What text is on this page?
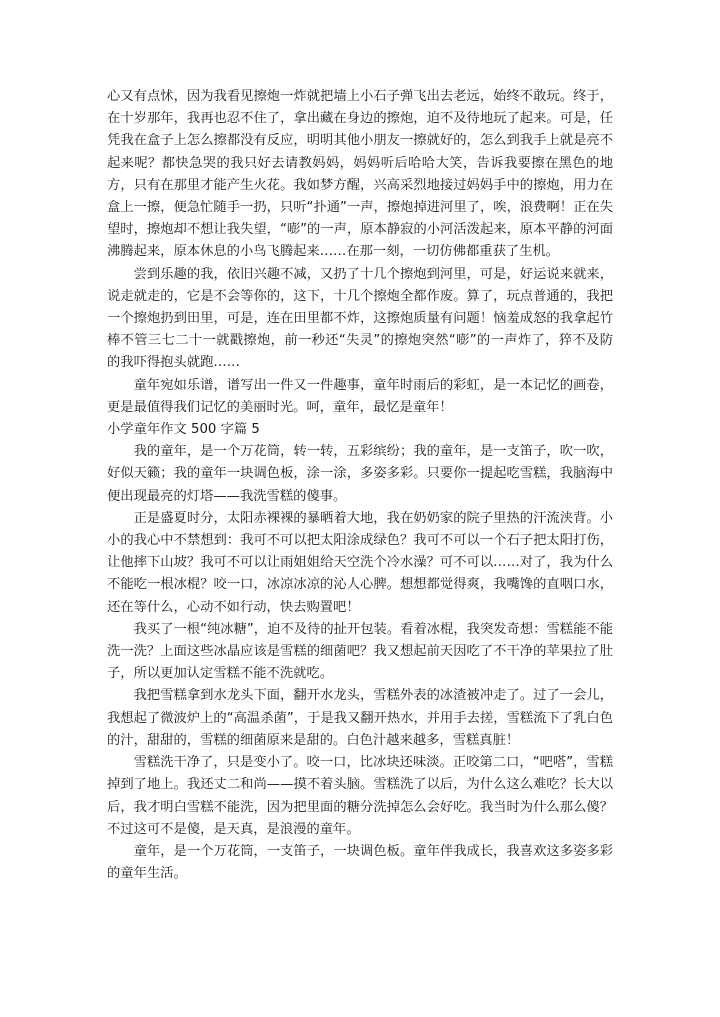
心又有点怵，因为我看见擦炮一炸就把墙上小石子弹飞出去老远，始终不敢玩。终于，在十岁那年，我再也忍不住了，拿出藏在身边的擦炮，迫不及待地玩了起来。可是，任凭我在盒子上怎么擦都没有反应，明明其他小朋友一擦就好的，怎么到我手上就是亮不起来呢？都快急哭的我只好去请教妈妈，妈妈听后哈哈大笑，告诉我要擦在黑色的地方，只有在那里才能产生火花。我如梦方醒，兴高采烈地接过妈妈手中的擦炮，用力在盒上一擦，便急忙随手一扔，只听“扑通”一声，擦炮掉进河里了，唉，浪费啊！正在失望时，擦炮却不想让我失望，“嘭”的一声，原本静寂的小河活泼起来，原本平静的河面沸腾起来，原本休息的小鸟飞腾起来……在那一刻，一切仿佛都重获了生机。

尝到乐趣的我，依旧兴趣不减，又扔了十几个擦炮到河里，可是，好运说来就来，说走就走的，它是不会等你的，这下，十几个擦炮全都作废。算了，玩点普通的，我把一个擦炮扔到田里，可是，连在田里都不炸，这擦炮质量有问题！恼羞成怒的我拿起竹棒不管三七二十一就戳擦炮，前一秒还“失灵”的擦炮突然“嘭”的一声炸了，猝不及防的我吓得抱头就跑……

童年宛如乐谱，谱写出一件又一件趣事，童年时雨后的彩虹，是一本记忆的画卷，更是最值得我们记忆的美丽时光。呵，童年，最忆是童年！

小学童年作文 500 字篇 5

我的童年，是一个万花筒，转一转，五彩缤纷；我的童年，是一支笛子，吹一吹，好似天籁；我的童年一块调色板，涂一涂，多姿多彩。只要你一提起吃雪糕，我脑海中便出现最亮的灯塔——我洗雪糕的傻事。

正是盛夏时分，太阳赤裸裸的暴晒着大地，我在奶奶家的院子里热的汗流浃背。小小的我心中不禁想到：我可不可以把太阳涂成绿色？我可不可以一个石子把太阳打伤，让他摔下山坡？我可不可以让雨姐姐给天空洗个冷水澡？可不可以……对了，我为什么不能吃一根冰棍？咬一口，冰凉冰凉的沁人心脾。想想都觉得爽，我嘴馋的直咽口水，还在等什么，心动不如行动，快去购置吧！

我买了一根“纯冰糖”，迫不及待的扯开包装。看着冰棍，我突发奇想：雪糕能不能洗一洗？上面这些冰晶应该是雪糕的细菌吧？我又想起前天因吃了不干净的苹果拉了肚子，所以更加认定雪糕不能不洗就吃。

我把雪糕拿到水龙头下面，翻开水龙头，雪糕外表的冰渣被冲走了。过了一会儿，我想起了微波炉上的“高温杀菌”，于是我又翻开热水，并用手去搓，雪糕流下了乳白色的汁，甜甜的，雪糕的细菌原来是甜的。白色汁越来越多，雪糕真脏！

雪糕洗干净了，只是变小了。咬一口，比冰块还味淡。正咬第二口，“吧嗒”，雪糕掉到了地上。我还丈二和尚——摸不着头脑。雪糕洗了以后，为什么这么难吃？长大以后，我才明白雪糕不能洗，因为把里面的糖分洗掉怎么会好吃。我当时为什么那么傻？不过这可不是傻，是天真，是浪漫的童年。

童年，是一个万花筒，一支笛子，一块调色板。童年伴我成长，我喜欢这多姿多彩的童年生活。
